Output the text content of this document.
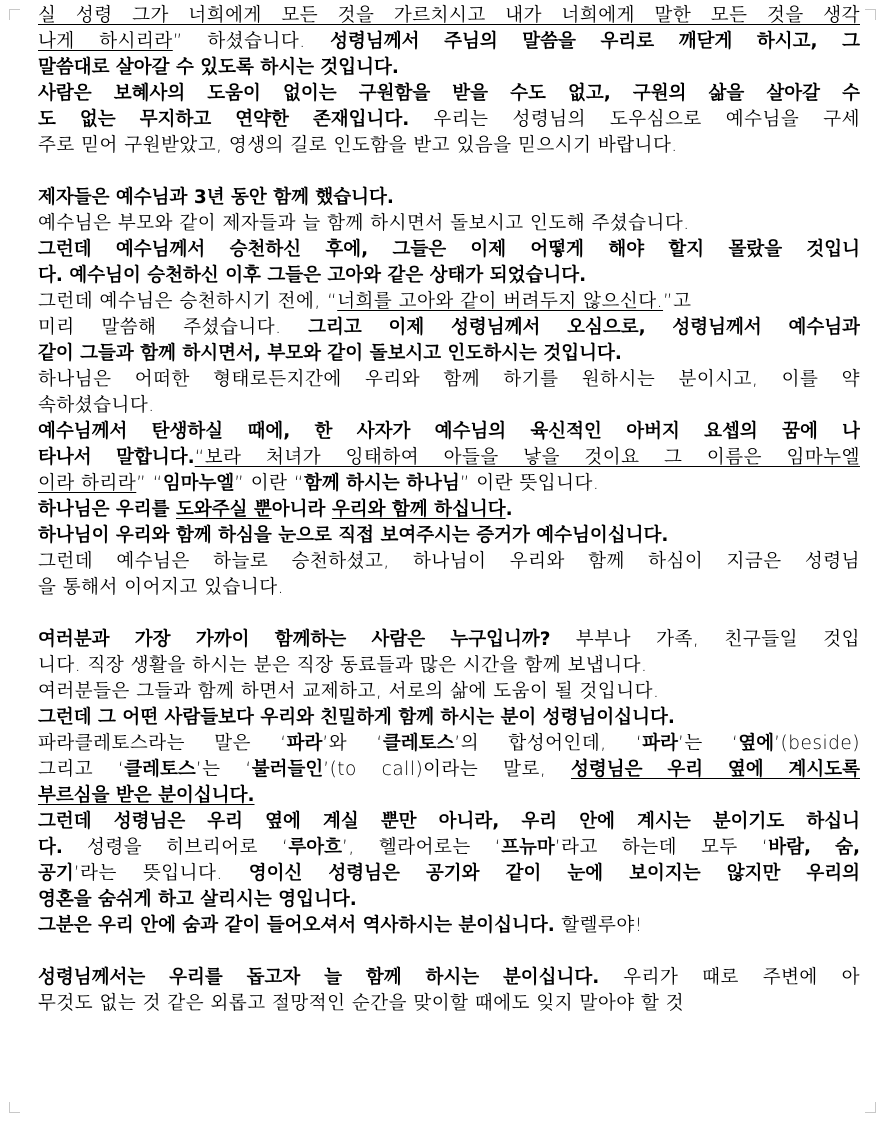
실 성령 그가 너희에게 모든 것을 가르치시고 내가 너희에게 말한 모든 것을 생각
나게 하시리라” 하셨습니다. 성령님께서 주님의 말씀을 우리로 깨닫게 하시고, 그
말씀대로 살아갈 수 있도록 하시는 것입니다.
사람은 보혜사의 도움이 없이는 구원함을 받을 수도 없고, 구원의 삶을 살아갈 수
도 없는 무지하고 연약한 존재입니다. 우리는 성령님의 도우심으로 예수님을 구세
주로 믿어 구원받았고, 영생의 길로 인도함을 받고 있음을 믿으시기 바랍니다.
제자들은 예수님과 3년 동안 함께 했습니다.
예수님은 부모와 같이 제자들과 늘 함께 하시면서 돌보시고 인도해 주셨습니다.
그런데 예수님께서 승천하신 후에, 그들은 이제 어떻게 해야 할지 몰랐을 것입니
다. 예수님이 승천하신 이후 그들은 고아와 같은 상태가 되었습니다.
그런데 예수님은 승천하시기 전에, “너희를 고아와 같이 버려두지 않으신다.”고
미리 말씀해 주셨습니다. 그리고 이제 성령님께서 오심으로, 성령님께서 예수님과
같이 그들과 함께 하시면서, 부모와 같이 돌보시고 인도하시는 것입니다.
하나님은 어떠한 형태로든지간에 우리와 함께 하기를 원하시는 분이시고, 이를 약
속하셨습니다.
예수님께서 탄생하실 때에, 한 사자가 예수님의 육신적인 아버지 요셉의 꿈에 나
타나서 말합니다.“보라 처녀가 잉태하여 아들을 낳을 것이요 그 이름은 임마누엘
이라 하리라” “임마누엘” 이란 “함께 하시는 하나님” 이란 뜻입니다.
하나님은 우리를 도와주실 뿐아니라 우리와 함께 하십니다.
하나님이 우리와 함께 하심을 눈으로 직접 보여주시는 증거가 예수님이십니다.
그런데 예수님은 하늘로 승천하셨고, 하나님이 우리와 함께 하심이 지금은 성령님
을 통해서 이어지고 있습니다.
여러분과 가장 가까이 함께하는 사람은 누구입니까? 부부나 가족, 친구들일 것입
니다. 직장 생활을 하시는 분은 직장 동료들과 많은 시간을 함께 보냅니다.
여러분들은 그들과 함께 하면서 교제하고, 서로의 삶에 도움이 될 것입니다.
그런데 그 어떤 사람들보다 우리와 친밀하게 함께 하시는 분이 성령님이십니다.
파라클레토스라는 말은 ‘파라’와 ‘클레토스’의 합성어인데, ‘파라’는 ‘옆에’(beside)
그리고 ‘클레토스’는 ‘불러들인’(to call)이라는 말로, 성령님은 우리 옆에 계시도록
부르심을 받은 분이십니다.
그런데 성령님은 우리 옆에 계실 뿐만 아니라, 우리 안에 계시는 분이기도 하십니
다. 성령을 히브리어로 ‘루아흐’, 헬라어로는 ‘프뉴마’라고 하는데 모두 ‘바람, 숨,
공기’라는 뜻입니다. 영이신 성령님은 공기와 같이 눈에 보이지는 않지만 우리의
영혼을 숨쉬게 하고 살리시는 영입니다.
그분은 우리 안에 숨과 같이 들어오셔서 역사하시는 분이십니다. 할렐루야!
성령님께서는 우리를 돕고자 늘 함께 하시는 분이십니다. 우리가 때로 주변에 아
무것도 없는 것 같은 외롭고 절망적인 순간을 맞이할 때에도 잊지 말아야 할 것
